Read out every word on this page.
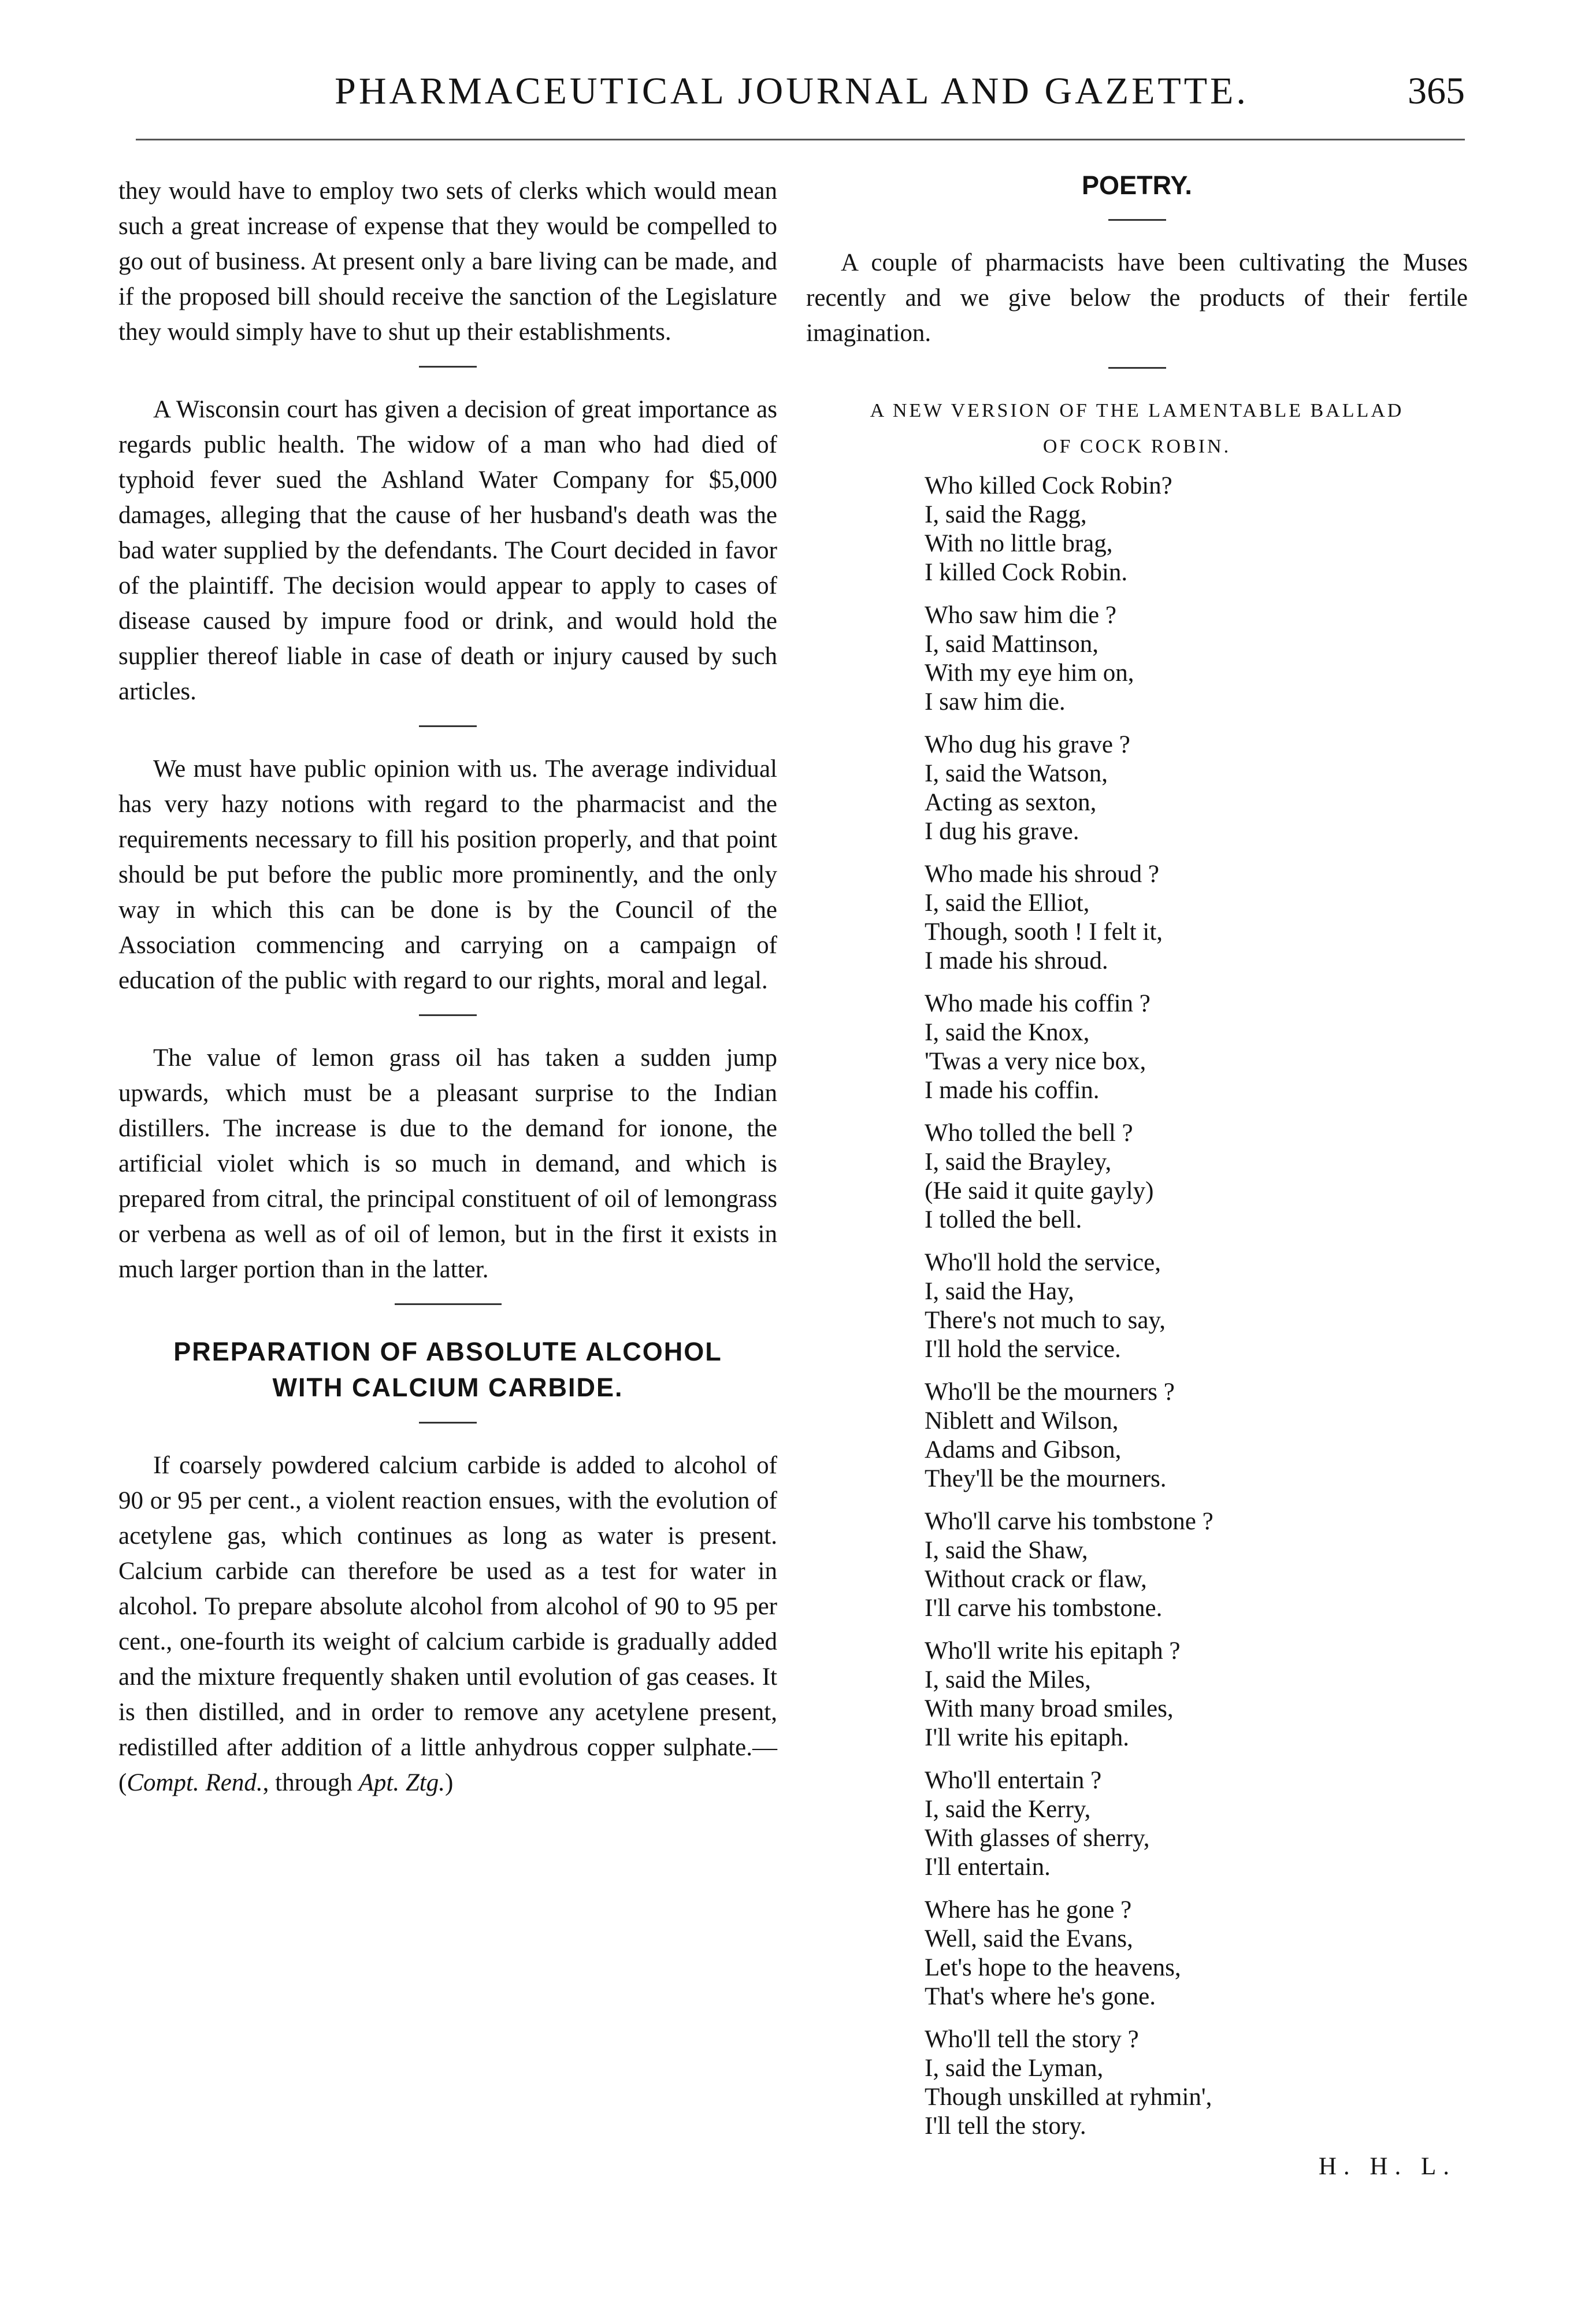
PHARMACEUTICAL JOURNAL AND GAZETTE.	365

they would have to employ two sets of clerks which would mean such a great increase of expense that they would be compelled to go out of business. At present only a bare living can be made, and if the proposed bill should receive the sanction of the Legislature they would simply have to shut up their establishments.

A Wisconsin court has given a decision of great importance as regards public health. The widow of a man who had died of typhoid fever sued the Ashland Water Company for $5,000 damages, alleging that the cause of her husband's death was the bad water supplied by the defendants. The Court decided in favor of the plaintiff. The decision would appear to apply to cases of disease caused by impure food or drink, and would hold the supplier thereof liable in case of death or injury caused by such articles.

We must have public opinion with us. The average individual has very hazy notions with regard to the pharmacist and the requirements necessary to fill his position properly, and that point should be put before the public more prominently, and the only way in which this can be done is by the Council of the Association commencing and carrying on a campaign of education of the public with regard to our rights, moral and legal.

The value of lemon grass oil has taken a sudden jump upwards, which must be a pleasant surprise to the Indian distillers. The increase is due to the demand for ionone, the artificial violet which is so much in demand, and which is prepared from citral, the principal constituent of oil of lemongrass or verbena as well as of oil of lemon, but in the first it exists in much larger portion than in the latter.

PREPARATION OF ABSOLUTE ALCOHOL
WITH CALCIUM CARBIDE.

If coarsely powdered calcium carbide is added to alcohol of 90 or 95 per cent., a violent reaction ensues, with the evolution of acetylene gas, which continues as long as water is present. Calcium carbide can therefore be used as a test for water in alcohol. To prepare absolute alcohol from alcohol of 90 to 95 per cent., one-fourth its weight of calcium carbide is gradually added and the mixture frequently shaken until evolution of gas ceases. It is then distilled, and in order to remove any acetylene present, redistilled after addition of a little anhydrous copper sulphate.—(Compt. Rend., through Apt. Ztg.)

POETRY.

A couple of pharmacists have been cultivating the Muses recently and we give below the products of their fertile imagination.

A NEW VERSION OF THE LAMENTABLE BALLAD
OF COCK ROBIN.
Who killed Cock Robin?
I, said the Ragg,
With no little brag,
I killed Cock Robin.
Who saw him die ?
I, said Mattinson,
With my eye him on,
I saw him die.
Who dug his grave ?
I, said the Watson,
Acting as sexton,
I dug his grave.
Who made his shroud ?
I, said the Elliot,
Though, sooth ! I felt it,
I made his shroud.
Who made his coffin ?
I, said the Knox,
'Twas a very nice box,
I made his coffin.
Who tolled the bell ?
I, said the Brayley,
(He said it quite gayly)
I tolled the bell.
Who'll hold the service,
I, said the Hay,
There's not much to say,
I'll hold the service.
Who'll be the mourners ?
Niblett and Wilson,
Adams and Gibson,
They'll be the mourners.
Who'll carve his tombstone ?
I, said the Shaw,
Without crack or flaw,
I'll carve his tombstone.
Who'll write his epitaph ?
I, said the Miles,
With many broad smiles,
I'll write his epitaph.
Who'll entertain ?
I, said the Kerry,
With glasses of sherry,
I'll entertain.
Where has he gone ?
Well, said the Evans,
Let's hope to the heavens,
That's where he's gone.
Who'll tell the story ?
I, said the Lyman,
Though unskilled at ryhmin',
I'll tell the story.
H. H. L.
